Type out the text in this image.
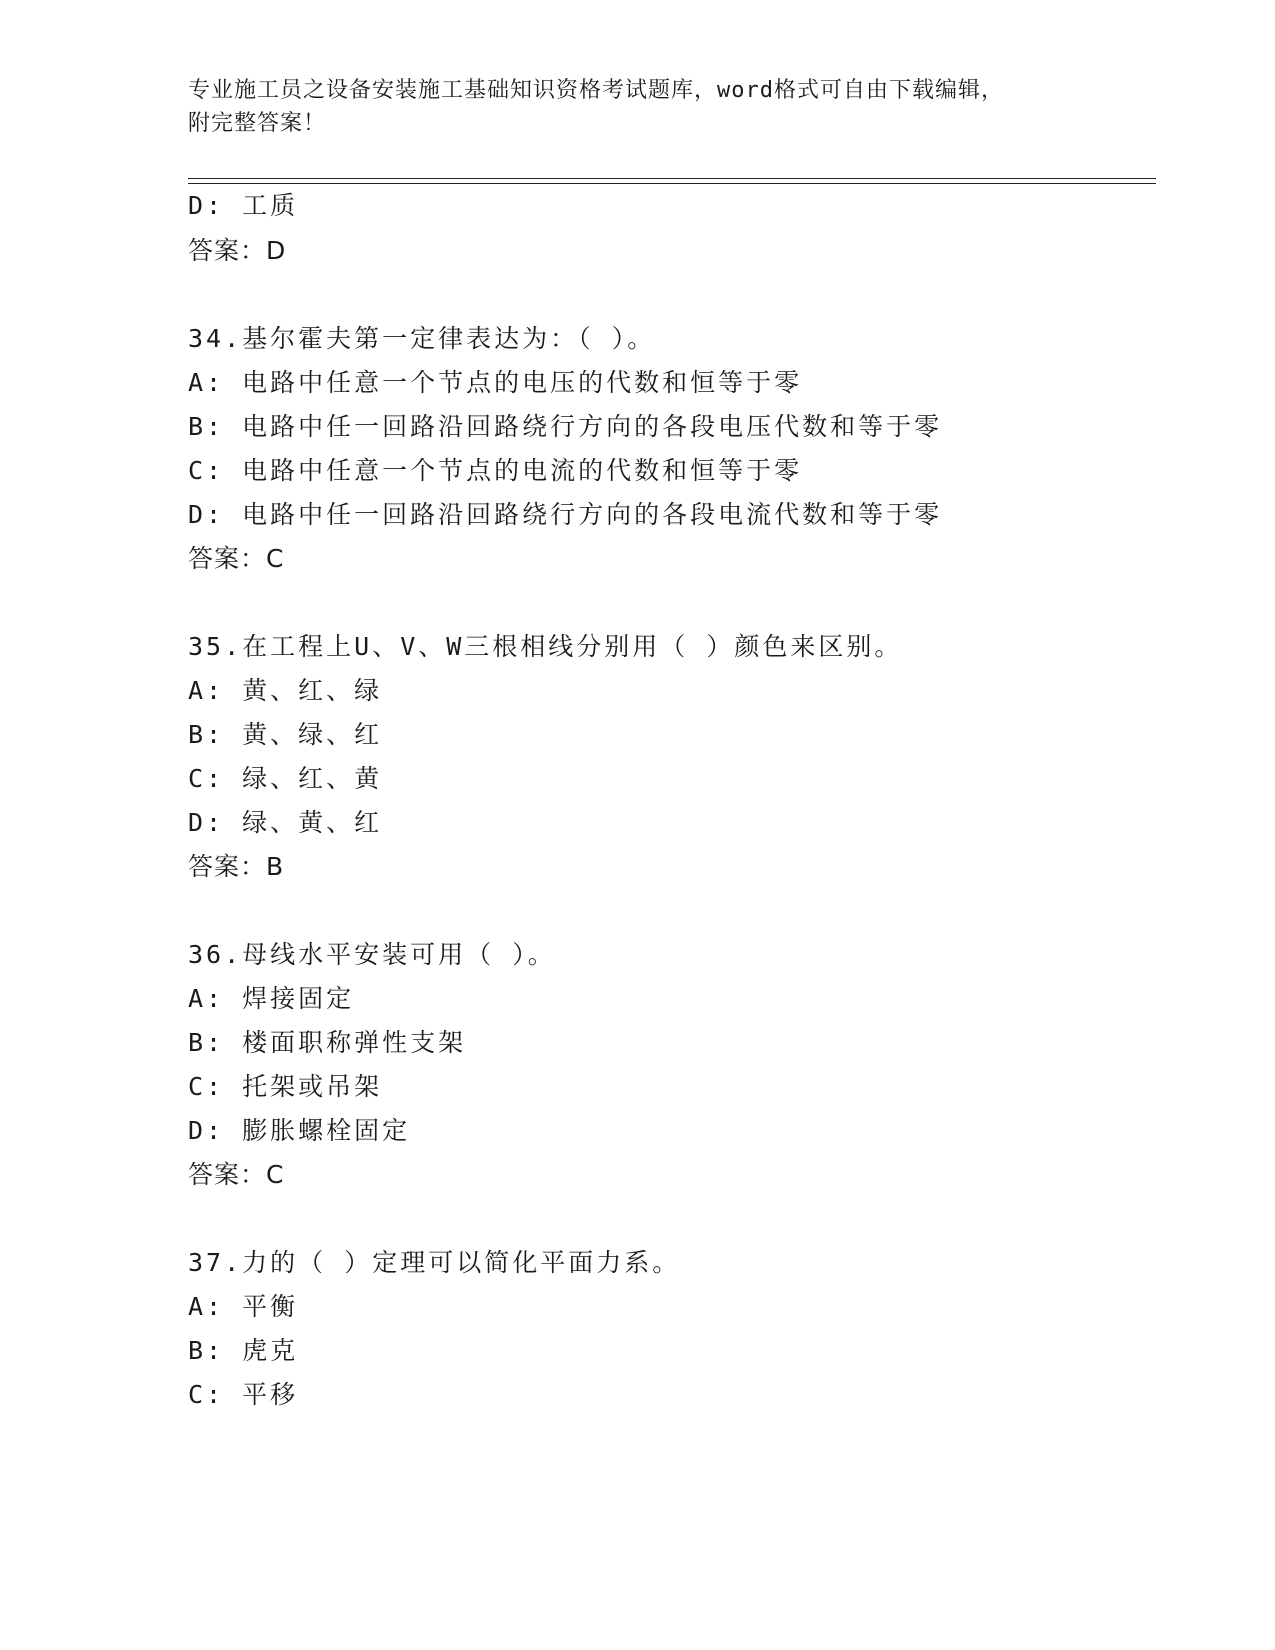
专业施工员之设备安装施工基础知识资格考试题库，word格式可自由下载编辑，
附完整答案！
D: 工质
答案：D
34.基尔霍夫第一定律表达为：（ ）。
A: 电路中任意一个节点的电压的代数和恒等于零
B: 电路中任一回路沿回路绕行方向的各段电压代数和等于零
C: 电路中任意一个节点的电流的代数和恒等于零
D: 电路中任一回路沿回路绕行方向的各段电流代数和等于零
答案：C
35.在工程上U、V、W三根相线分别用（ ）颜色来区别。
A: 黄、红、绿
B: 黄、绿、红
C: 绿、红、黄
D: 绿、黄、红
答案：B
36.母线水平安装可用（ ）。
A: 焊接固定
B: 楼面职称弹性支架
C: 托架或吊架
D: 膨胀螺栓固定
答案：C
37.力的（ ）定理可以简化平面力系。
A: 平衡
B: 虎克
C: 平移
